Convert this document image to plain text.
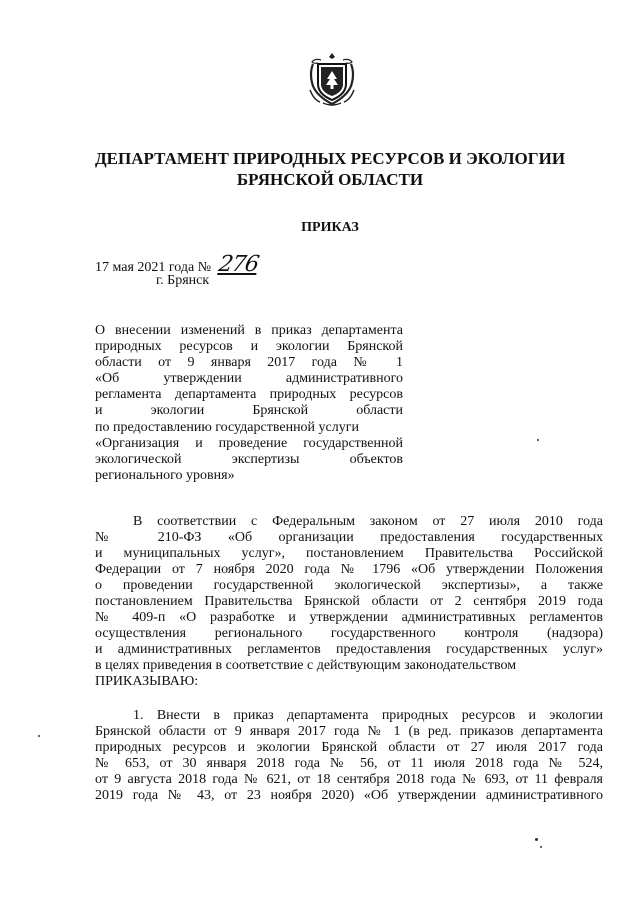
ДЕПАРТАМЕНТ ПРИРОДНЫХ РЕСУРСОВ И ЭКОЛОГИИ
БРЯНСКОЙ ОБЛАСТИ
ПРИКАЗ
17 мая 2021 года № 276
г. Брянск
О внесении изменений в приказ департамента
природных ресурсов и экологии Брянской
области от 9 января 2017 года № 1
«Об утверждении административного
регламента департамента природных ресурсов
и экологии Брянской области
по предоставлению государственной услуги
«Организация и проведение государственной
экологической экспертизы объектов
регионального уровня»
В соответствии с Федеральным законом от 27 июля 2010 года
№ 210-ФЗ «Об организации предоставления государственных
и муниципальных услуг», постановлением Правительства Российской
Федерации от 7 ноября 2020 года № 1796 «Об утверждении Положения
о проведении государственной экологической экспертизы», а также
постановлением Правительства Брянской области от 2 сентября 2019 года
№ 409-п «О разработке и утверждении административных регламентов
осуществления регионального государственного контроля (надзора)
и административных регламентов предоставления государственных услуг»
в целях приведения в соответствие с действующим законодательством
ПРИКАЗЫВАЮ:
1. Внести в приказ департамента природных ресурсов и экологии
Брянской области от 9 января 2017 года № 1 (в ред. приказов департамента
природных ресурсов и экологии Брянской области от 27 июля 2017 года
№ 653, от 30 января 2018 года № 56, от 11 июля 2018 года № 524,
от 9 августа 2018 года № 621, от 18 сентября 2018 года № 693, от 11 февраля
2019 года № 43, от 23 ноября 2020) «Об утверждении административного
